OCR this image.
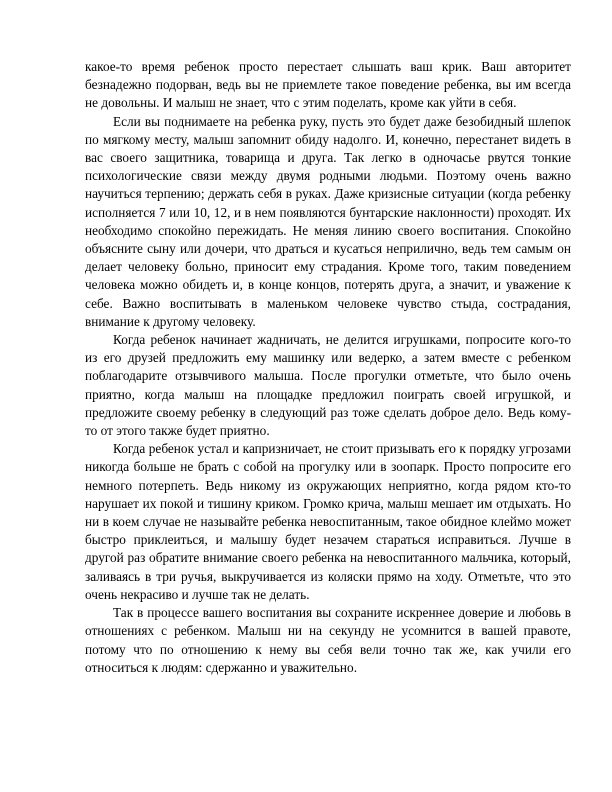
какое-то время ребенок просто перестает слышать ваш крик. Ваш авторитет безнадежно подорван, ведь вы не приемлете такое поведение ребенка, вы им всегда не довольны. И малыш не знает, что с этим поделать, кроме как уйти в себя.

Если вы поднимаете на ребенка руку, пусть это будет даже безобидный шлепок по мягкому месту, малыш запомнит обиду надолго. И, конечно, перестанет видеть в вас своего защитника, товарища и друга. Так легко в одночасье рвутся тонкие психологические связи между двумя родными людьми. Поэтому очень важно научиться терпению; держать себя в руках. Даже кризисные ситуации (когда ребенку исполняется 7 или 10, 12, и в нем появляются бунтарские наклонности) проходят. Их необходимо спокойно пережидать. Не меняя линию своего воспитания. Спокойно объясните сыну или дочери, что драться и кусаться неприлично, ведь тем самым он делает человеку больно, приносит ему страдания. Кроме того, таким поведением человека можно обидеть и, в конце концов, потерять друга, а значит, и уважение к себе. Важно воспитывать в маленьком человеке чувство стыда, сострадания, внимание к другому человеку.

Когда ребенок начинает жадничать, не делится игрушками, попросите кого-то из его друзей предложить ему машинку или ведерко, а затем вместе с ребенком поблагодарите отзывчивого малыша. После прогулки отметьте, что было очень приятно, когда малыш на площадке предложил поиграть своей игрушкой, и предложите своему ребенку в следующий раз тоже сделать доброе дело. Ведь кому-то от этого также будет приятно.

Когда ребенок устал и капризничает, не стоит призывать его к порядку угрозами никогда больше не брать с собой на прогулку или в зоопарк. Просто попросите его немного потерпеть. Ведь никому из окружающих неприятно, когда рядом кто-то нарушает их покой и тишину криком. Громко крича, малыш мешает им отдыхать. Но ни в коем случае не называйте ребенка невоспитанным, такое обидное клеймо может быстро приклеиться, и малышу будет незачем стараться исправиться. Лучше в другой раз обратите внимание своего ребенка на невоспитанного мальчика, который, заливаясь в три ручья, выкручивается из коляски прямо на ходу. Отметьте, что это очень некрасиво и лучше так не делать.

Так в процессе вашего воспитания вы сохраните искреннее доверие и любовь в отношениях с ребенком. Малыш ни на секунду не усомнится в вашей правоте, потому что по отношению к нему вы себя вели точно так же, как учили его относиться к людям: сдержанно и уважительно.
